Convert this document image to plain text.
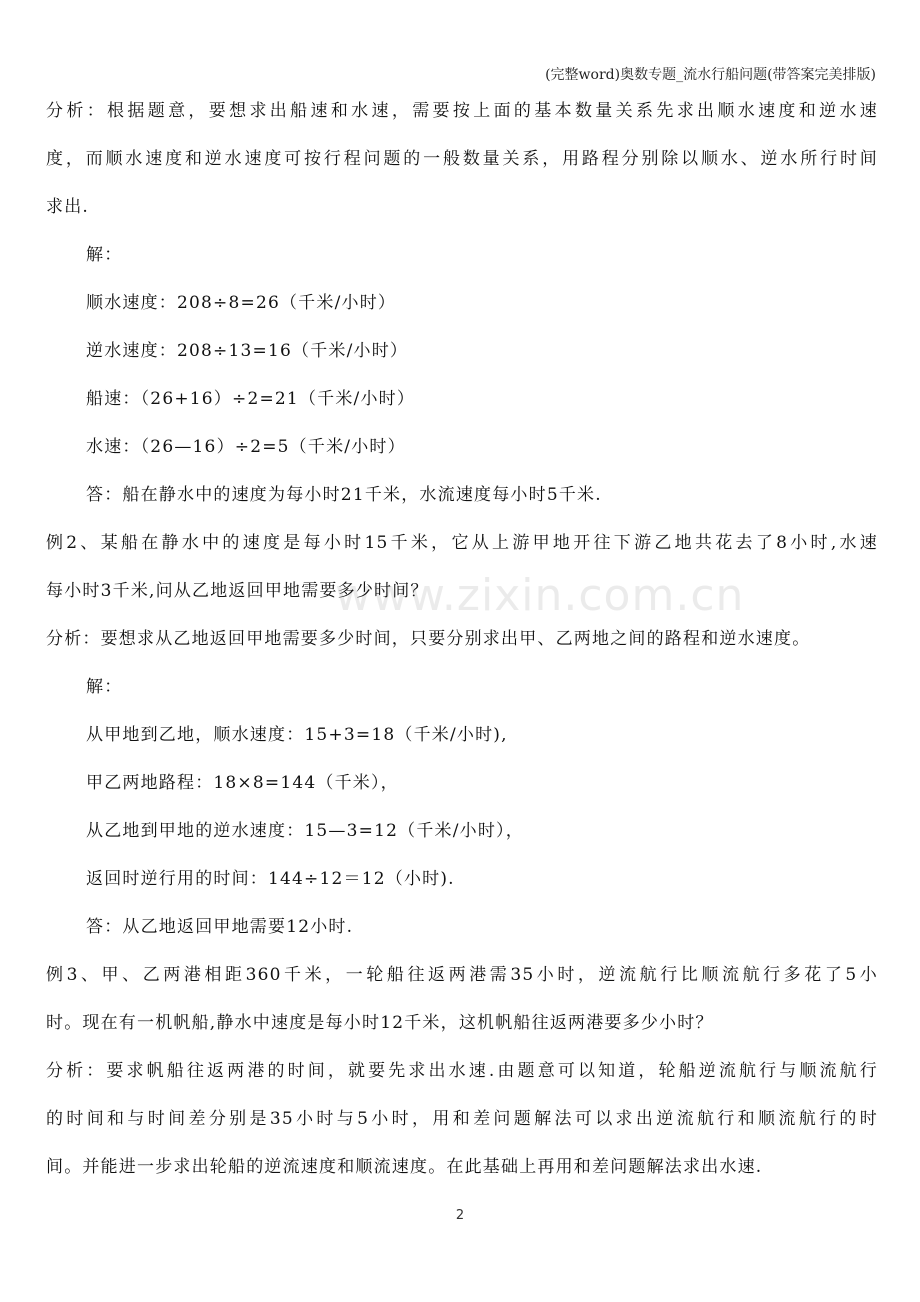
(完整word)奥数专题_流水行船问题(带答案完美排版)
www.zixin.com.cn
分析：根据题意，要想求出船速和水速，需要按上面的基本数量关系先求出顺水速度和逆水速
度，而顺水速度和逆水速度可按行程问题的一般数量关系，用路程分别除以顺水、逆水所行时间
求出.
解：
顺水速度：208÷8=26（千米/小时）
逆水速度：208÷13=16（千米/小时）
船速：（26+16）÷2=21（千米/小时）
水速：（26—16）÷2=5（千米/小时）
答：船在静水中的速度为每小时21千米，水流速度每小时5千米.
例2、某船在静水中的速度是每小时15千米，它从上游甲地开往下游乙地共花去了8小时,水速
每小时3千米,问从乙地返回甲地需要多少时间？
分析：要想求从乙地返回甲地需要多少时间，只要分别求出甲、乙两地之间的路程和逆水速度。
解：
从甲地到乙地，顺水速度：15+3=18（千米/小时),
甲乙两地路程：18×8=144（千米），
从乙地到甲地的逆水速度：15—3=12（千米/小时），
返回时逆行用的时间：144÷12＝12（小时).
答：从乙地返回甲地需要12小时.
例3、甲、乙两港相距360千米，一轮船往返两港需35小时，逆流航行比顺流航行多花了5小
时。现在有一机帆船,静水中速度是每小时12千米，这机帆船往返两港要多少小时？
分析：要求帆船往返两港的时间，就要先求出水速.由题意可以知道，轮船逆流航行与顺流航行
的时间和与时间差分别是35小时与5小时，用和差问题解法可以求出逆流航行和顺流航行的时
间。并能进一步求出轮船的逆流速度和顺流速度。在此基础上再用和差问题解法求出水速.
2
